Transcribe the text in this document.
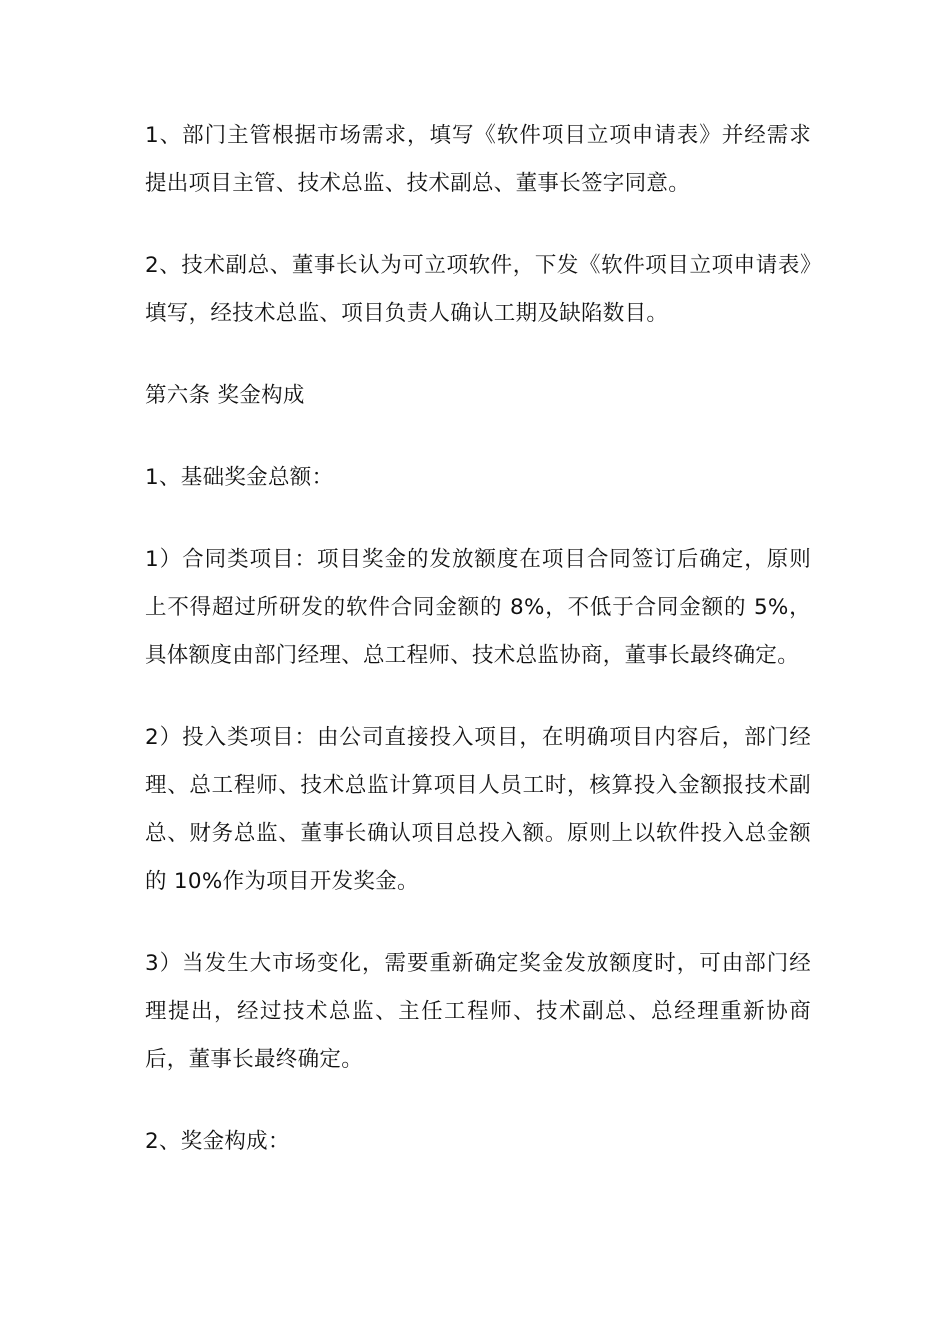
1、部门主管根据市场需求，填写《软件项目立项申请表》并经需求提出项目主管、技术总监、技术副总、董事长签字同意。

2、技术副总、董事长认为可立项软件，下发《软件项目立项申请表》填写，经技术总监、项目负责人确认工期及缺陷数目。

第六条 奖金构成

1、基础奖金总额：

1）合同类项目：项目奖金的发放额度在项目合同签订后确定，原则上不得超过所研发的软件合同金额的 8%，不低于合同金额的 5%，具体额度由部门经理、总工程师、技术总监协商，董事长最终确定。

2）投入类项目：由公司直接投入项目，在明确项目内容后，部门经理、总工程师、技术总监计算项目人员工时，核算投入金额报技术副总、财务总监、董事长确认项目总投入额。原则上以软件投入总金额的 10%作为项目开发奖金。

3）当发生大市场变化，需要重新确定奖金发放额度时，可由部门经理提出，经过技术总监、主任工程师、技术副总、总经理重新协商后，董事长最终确定。

2、奖金构成：
